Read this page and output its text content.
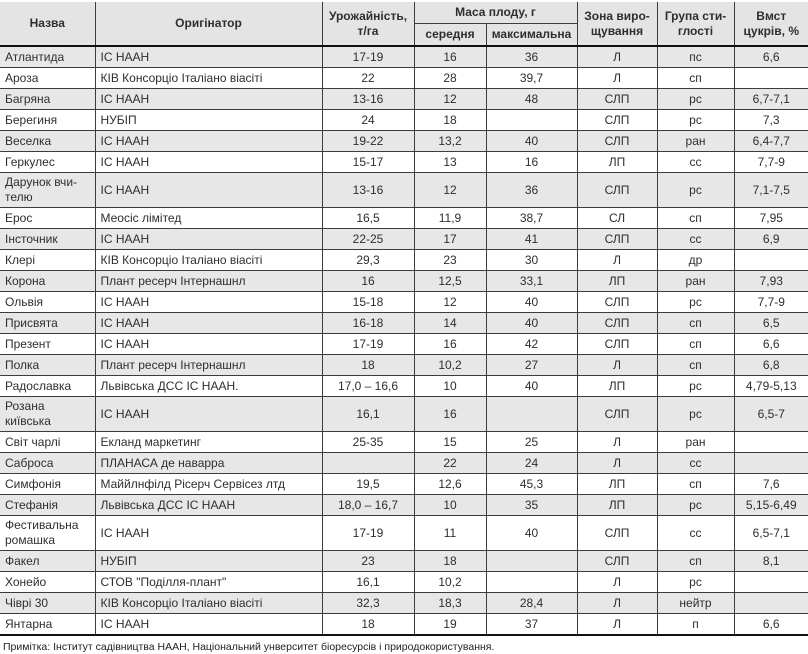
Назва	Оригінатор	Урожайність, т/га	Маса плоду, г		Зона виро-щування	Група сти-глості	Вмст цукрів, %
			середня	максимальна			
Атлантида	ІС НААН	17-19	16	36	Л	пс	6,6
Ароза	КІВ Консорціо Італіано віасіті	22	28	39,7	Л	сп	
Багряна	ІС НААН	13-16	12	48	СЛП	рс	6,7-7,1
Берегиня	НУБІП	24	18		СЛП	рс	7,3
Веселка	ІС НААН	19-22	13,2	40	СЛП	ран	6,4-7,7
Геркулес	ІС НААН	15-17	13	16	ЛП	сс	7,7-9
Дарунок вчи-телю	ІС НААН	13-16	12	36	СЛП	рс	7,1-7,5
Ерос	Меосіс лімітед	16,5	11,9	38,7	СЛ	сп	7,95
Інсточник	ІС НААН	22-25	17	41	СЛП	сс	6,9
Клері	КІВ Консорціо Італіано віасіті	29,3	23	30	Л	др	
Корона	Плант ресерч Інтернашнл	16	12,5	33,1	ЛП	ран	7,93
Ольвія	ІС НААН	15-18	12	40	СЛП	рс	7,7-9
Присвята	ІС НААН	16-18	14	40	СЛП	сп	6,5
Презент	ІС НААН	17-19	16	42	СЛП	сп	6,6
Полка	Плант ресерч Інтернашнл	18	10,2	27	Л	сп	6,8
Радославка	Львівська ДСС ІС НААН.	17,0 – 16,6	10	40	ЛП	рс	4,79-5,13
Розана київська	ІС НААН	16,1	16		СЛП	рс	6,5-7
Світ чарлі	Екланд маркетинг	25-35	15	25	Л	ран	
Саброса	ПЛАНАСА де наварра		22	24	Л	сс	
Симфонія	Маййлнфілд Рісерч Сервісез лтд	19,5	12,6	45,3	ЛП	сп	7,6
Стефанія	Львівська ДСС ІС НААН	18,0 – 16,7	10	35	ЛП	рс	5,15-6,49
Фестивальна ромашка	ІС НААН	17-19	11	40	СЛП	сс	6,5-7,1
Факел	НУБІП	23	18		СЛП	сп	8,1
Хонейо	СТОВ "Поділля-плант"	16,1	10,2		Л	рс	
Чіврі 30	КІВ Консорціо Італіано віасіті	32,3	18,3	28,4	Л	нейтр	
Янтарна	ІС НААН	18	19	37	Л	п	6,6
Примітка: Інститут садівництва НААН, Національний унверситет біоресурсів і природокористування.
